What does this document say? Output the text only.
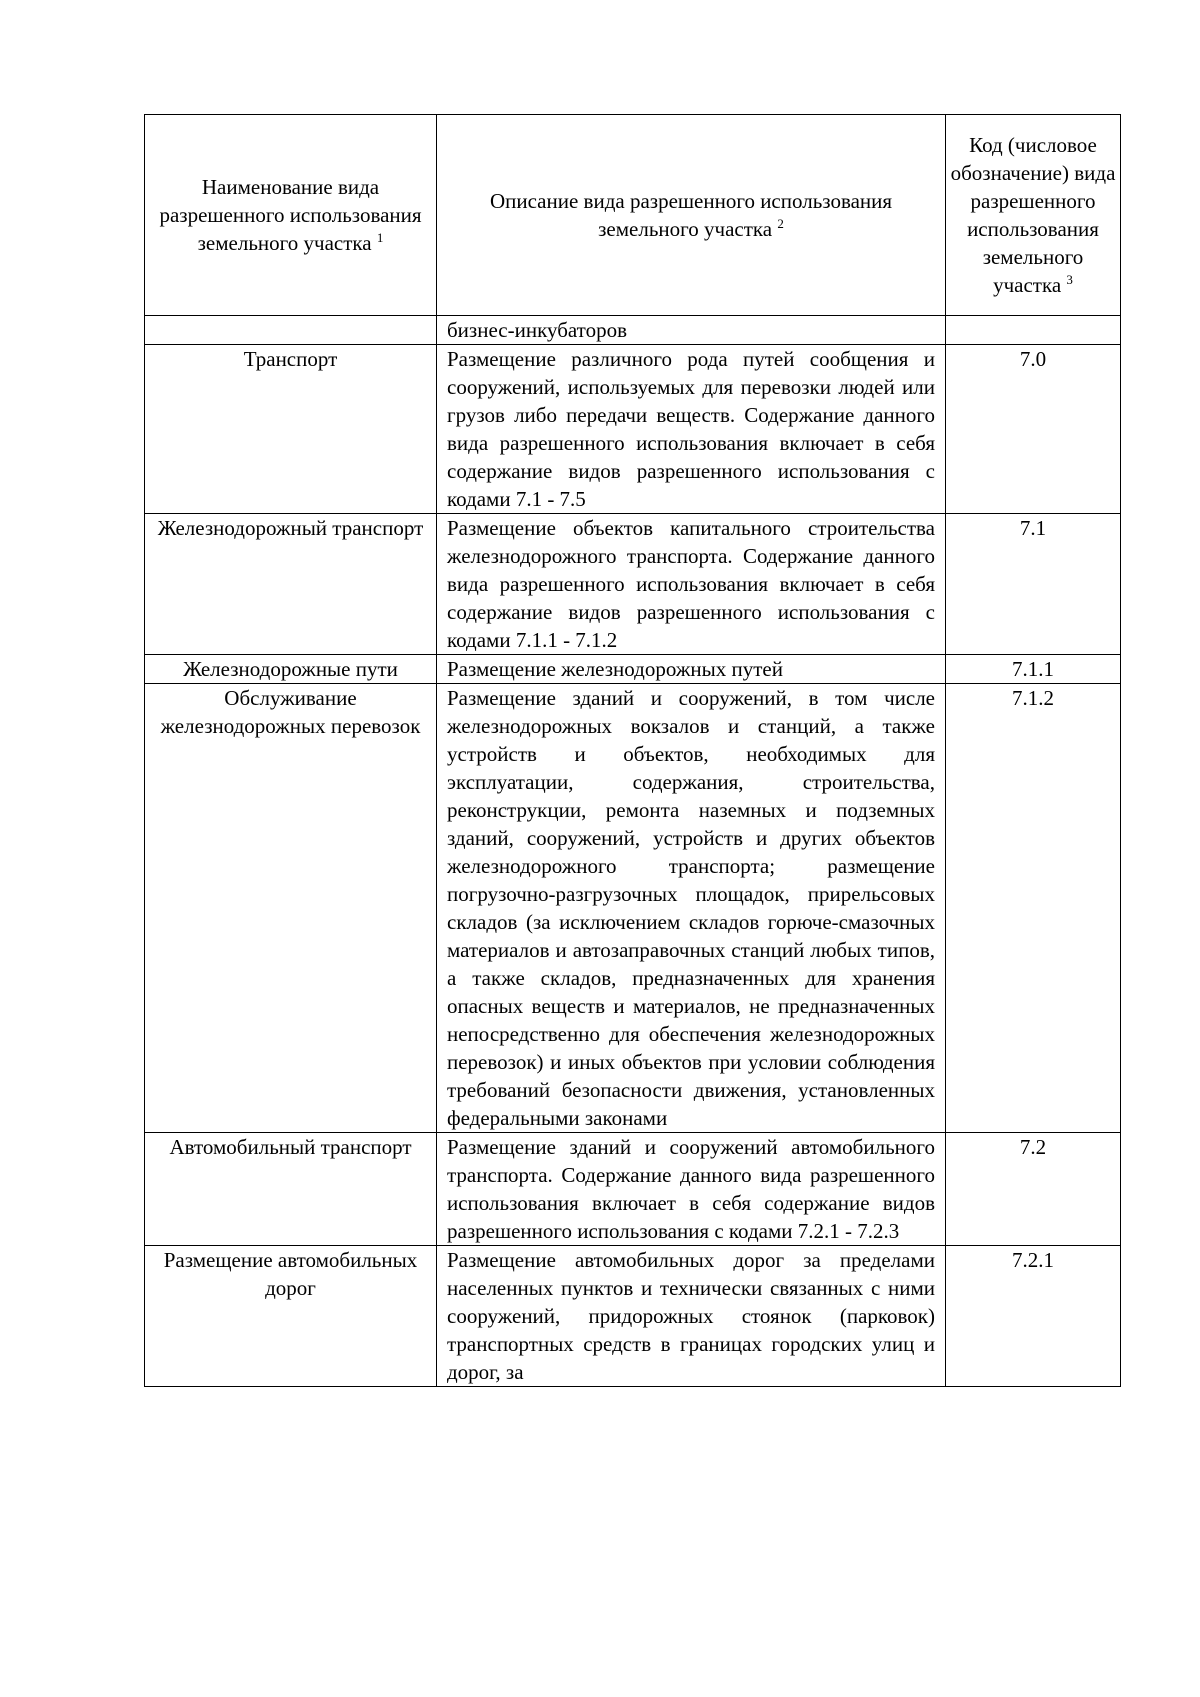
Наименование вида разрешенного использования земельного участка $^1$	Описание вида разрешенного использования земельного участка $^2$	Код (числовое обозначение) вида разрешенного использования земельного участка $^3$
	бизнес-инкубаторов	
Транспорт	Размещение различного рода путей сообщения и сооружений, используемых для перевозки людей или грузов либо передачи веществ. Содержание данного вида разрешенного использования включает в себя содержание видов разрешенного использования с кодами 7.1 - 7.5	7.0
Железнодорожный транспорт	Размещение объектов капитального строительства железнодорожного транспорта. Содержание данного вида разрешенного использования включает в себя содержание видов разрешенного использования с кодами 7.1.1 - 7.1.2	7.1
Железнодорожные пути	Размещение железнодорожных путей	7.1.1
Обслуживание железнодорожных перевозок	Размещение зданий и сооружений, в том числе железнодорожных вокзалов и станций, а также устройств и объектов, необходимых для эксплуатации, содержания, строительства, реконструкции, ремонта наземных и подземных зданий, сооружений, устройств и других объектов железнодорожного транспорта; размещение погрузочно-разгрузочных площадок, прирельсовых складов (за исключением складов горюче-смазочных материалов и автозаправочных станций любых типов, а также складов, предназначенных для хранения опасных веществ и материалов, не предназначенных непосредственно для обеспечения железнодорожных перевозок) и иных объектов при условии соблюдения требований безопасности движения, установленных федеральными законами	7.1.2
Автомобильный транспорт	Размещение зданий и сооружений автомобильного транспорта. Содержание данного вида разрешенного использования включает в себя содержание видов разрешенного использования с кодами 7.2.1 - 7.2.3	7.2
Размещение автомобильных дорог	Размещение автомобильных дорог за пределами населенных пунктов и технически связанных с ними сооружений, придорожных стоянок (парковок) транспортных средств в границах городских улиц и дорог, за	7.2.1
